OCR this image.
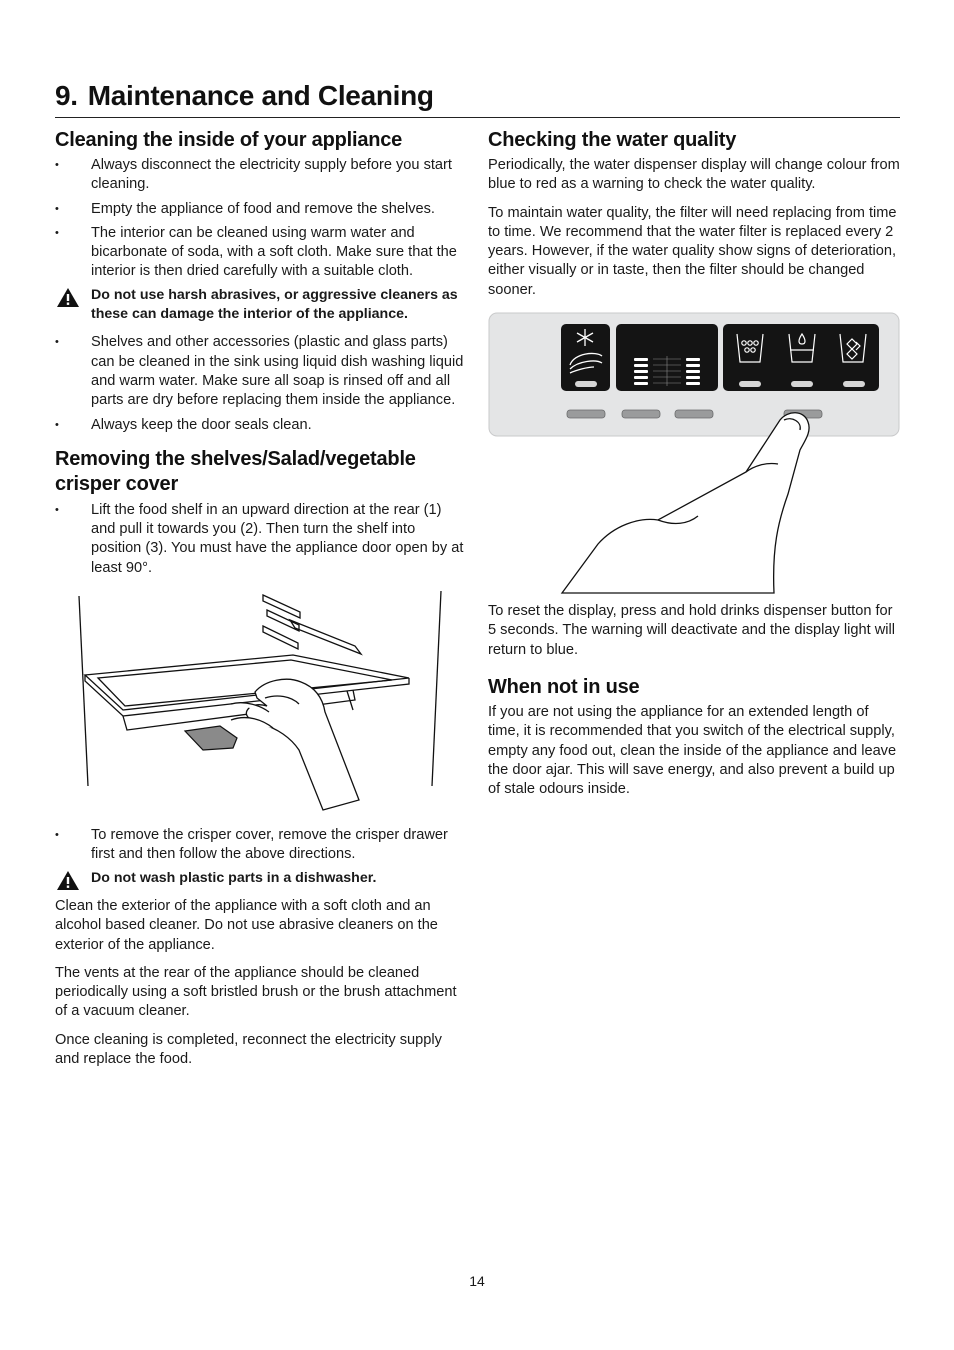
9. Maintenance and Cleaning
Cleaning the inside of your appliance
• Always disconnect the electricity supply before you start cleaning.
• Empty the appliance of food and remove the shelves.
• The interior can be cleaned using warm water and bicarbonate of soda, with a soft cloth. Make sure that the interior is then dried carefully with a suitable cloth.
Do not use harsh abrasives, or aggressive cleaners as these can damage the interior of the appliance.
• Shelves and other accessories (plastic and glass parts) can be cleaned in the sink using liquid dish washing liquid and warm water. Make sure all soap is rinsed off and all parts are dry before replacing them inside the appliance.
• Always keep the door seals clean.
Removing the shelves/Salad/vegetable crisper cover
• Lift the food shelf in an upward direction at the rear (1) and pull it towards you (2). Then turn the shelf into position (3). You must have the appliance door open by at least 90°.
• To remove the crisper cover, remove the crisper drawer first and then follow the above directions.
Do not wash plastic parts in a dishwasher.

Clean the exterior of the appliance with a soft cloth and an alcohol based cleaner. Do not use abrasive cleaners on the exterior of the appliance.

The vents at the rear of the appliance should be cleaned periodically using a soft bristled brush or the brush attachment of a vacuum cleaner.

Once cleaning is completed, reconnect the electricity supply and replace the food.

Checking the water quality

Periodically, the water dispenser display will change colour from blue to red as a warning to check the water quality.

To maintain water quality, the filter will need replacing from time to time. We recommend that the water filter is replaced every 2 years. However, if the water quality show signs of deterioration, either visually or in taste, then the filter should be changed sooner.

To reset the display, press and hold drinks dispenser button for 5 seconds. The warning will deactivate and the display light will return to blue.

When not in use

If you are not using the appliance for an extended length of time, it is recommended that you switch of the electrical supply, empty any food out, clean the inside of the appliance and leave the door ajar. This will save energy, and also prevent a build up of stale odours inside.

14
